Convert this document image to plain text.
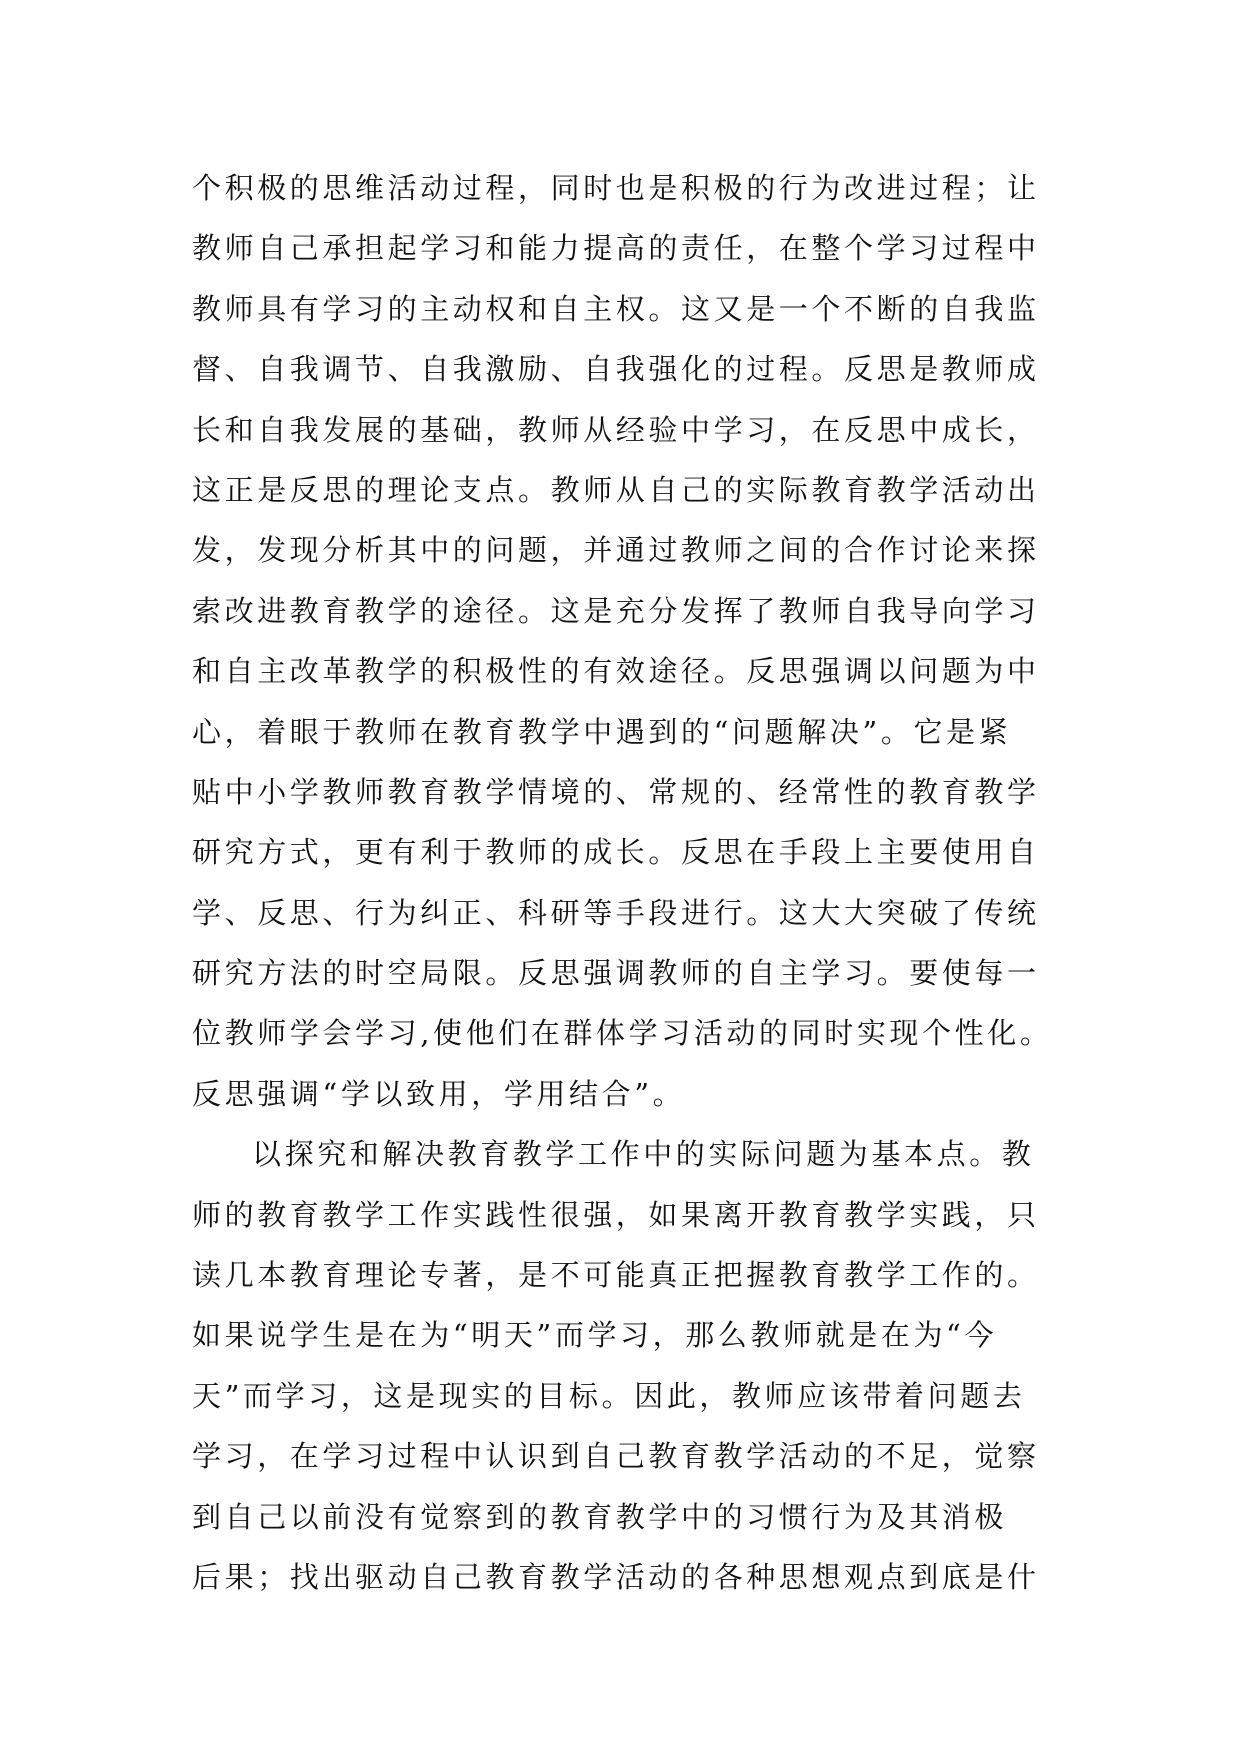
个积极的思维活动过程，同时也是积极的行为改进过程；让
教师自己承担起学习和能力提高的责任，在整个学习过程中
教师具有学习的主动权和自主权。这又是一个不断的自我监
督、自我调节、自我激励、自我强化的过程。反思是教师成
长和自我发展的基础，教师从经验中学习，在反思中成长，
这正是反思的理论支点。教师从自己的实际教育教学活动出
发，发现分析其中的问题，并通过教师之间的合作讨论来探
索改进教育教学的途径。这是充分发挥了教师自我导向学习
和自主改革教学的积极性的有效途径。反思强调以问题为中
心，着眼于教师在教育教学中遇到的“问题解决”。它是紧
贴中小学教师教育教学情境的、常规的、经常性的教育教学
研究方式，更有利于教师的成长。反思在手段上主要使用自
学、反思、行为纠正、科研等手段进行。这大大突破了传统
研究方法的时空局限。反思强调教师的自主学习。要使每一
位教师学会学习,使他们在群体学习活动的同时实现个性化。
反思强调“学以致用，学用结合”。
以探究和解决教育教学工作中的实际问题为基本点。教
师的教育教学工作实践性很强，如果离开教育教学实践，只
读几本教育理论专著，是不可能真正把握教育教学工作的。
如果说学生是在为“明天”而学习，那么教师就是在为“今
天”而学习，这是现实的目标。因此，教师应该带着问题去
学习，在学习过程中认识到自己教育教学活动的不足，觉察
到自己以前没有觉察到的教育教学中的习惯行为及其消极
后果；找出驱动自己教育教学活动的各种思想观点到底是什
